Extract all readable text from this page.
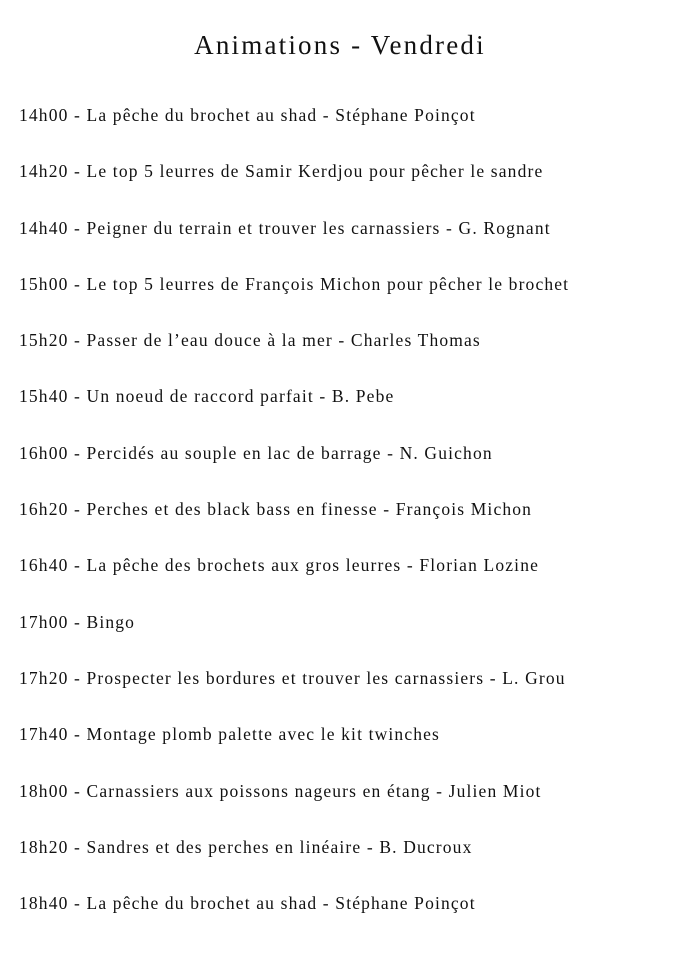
Animations - Vendredi
14h00 - La pêche du brochet au shad - Stéphane Poinçot
14h20 - Le top 5 leurres de Samir Kerdjou pour pêcher le sandre
14h40 - Peigner du terrain et trouver les carnassiers - G. Rognant
15h00 - Le top 5 leurres de François Michon pour pêcher le brochet
15h20 - Passer de l’eau douce à la mer - Charles Thomas
15h40 - Un noeud de raccord parfait - B. Pebe
16h00 - Percidés au souple en lac de barrage - N. Guichon
16h20 - Perches et des black bass en finesse - François Michon
16h40 - La pêche des brochets aux gros leurres - Florian Lozine
17h00 - Bingo
17h20 - Prospecter les bordures et trouver les carnassiers - L. Grou
17h40 - Montage plomb palette avec le kit twinches
18h00 - Carnassiers aux poissons nageurs en étang - Julien Miot
18h20 - Sandres et des perches en linéaire - B. Ducroux
18h40 - La pêche du brochet au shad - Stéphane Poinçot
